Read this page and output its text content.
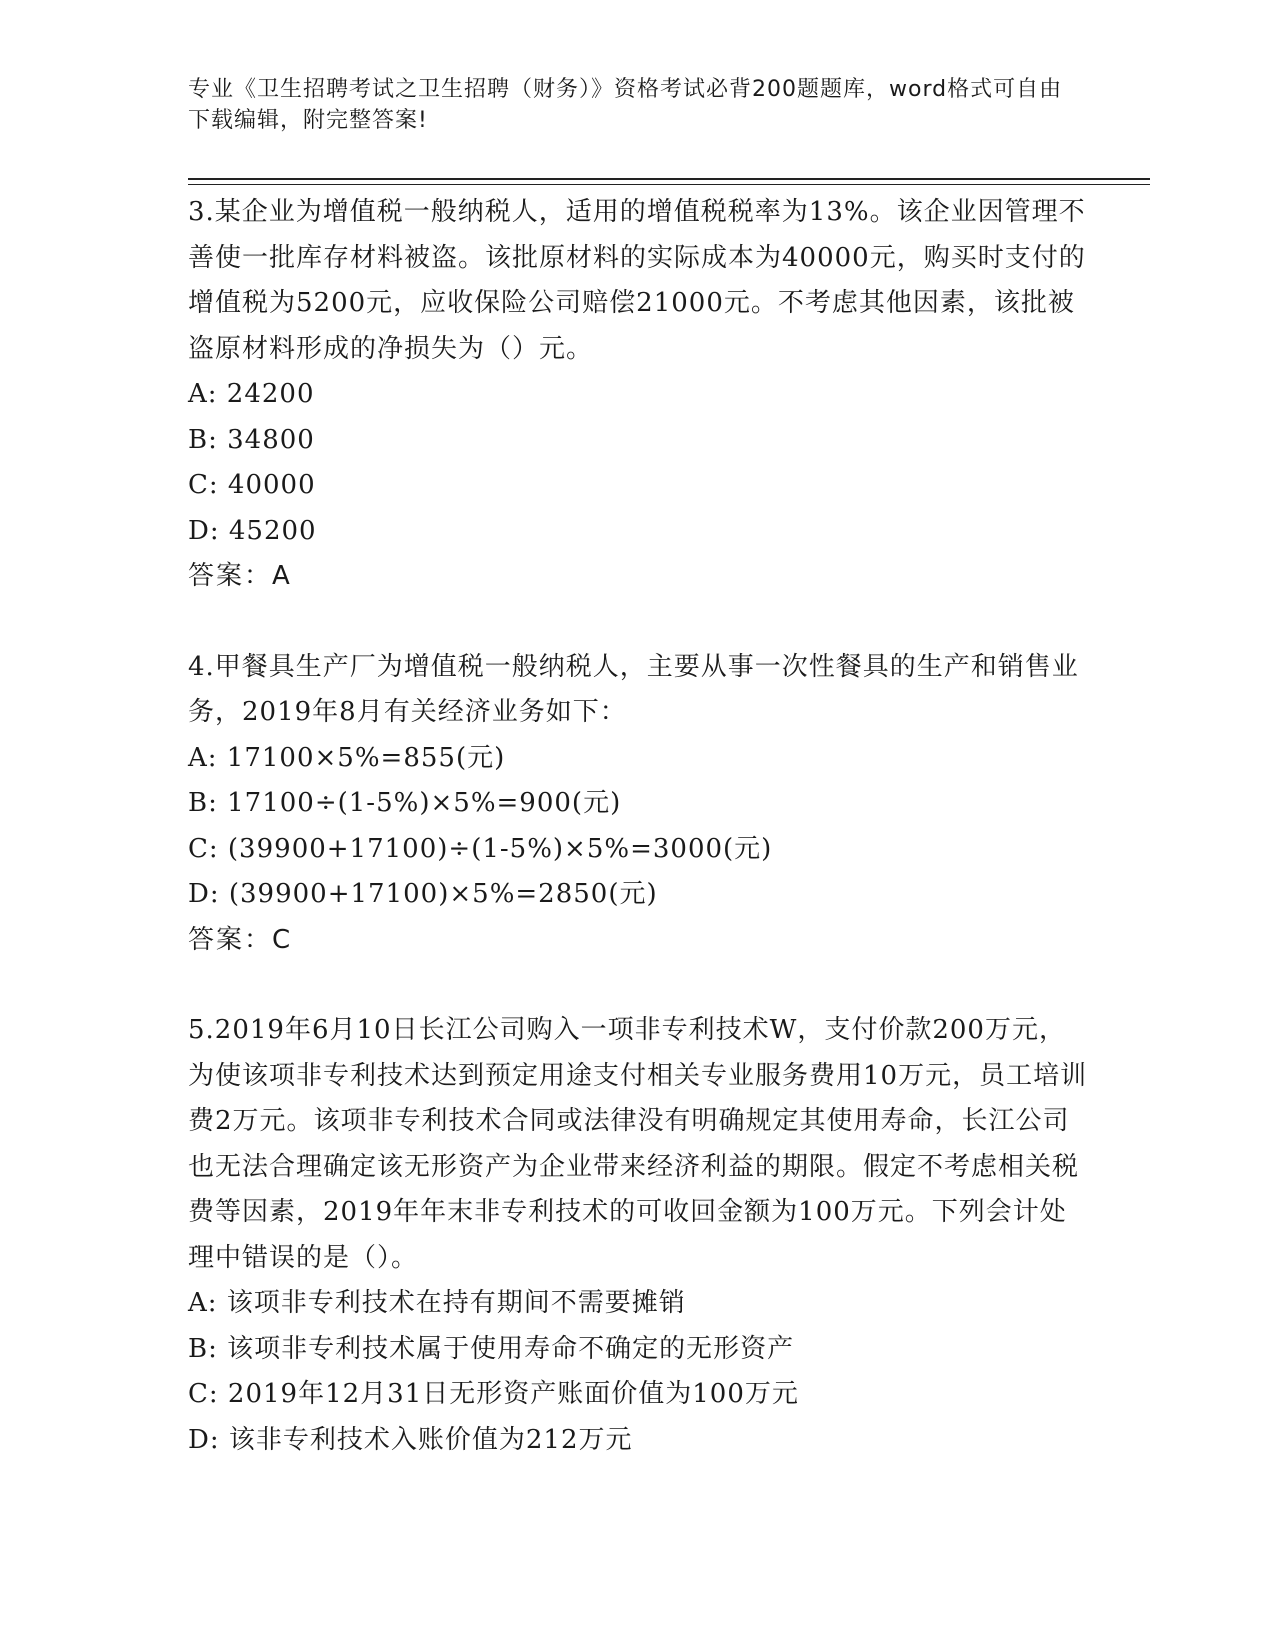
专业《卫生招聘考试之卫生招聘（财务）》资格考试必背200题题库，word格式可自由下载编辑，附完整答案!

3.某企业为增值税一般纳税人，适用的增值税税率为13%。该企业因管理不善使一批库存材料被盗。该批原材料的实际成本为40000元，购买时支付的增值税为5200元，应收保险公司赔偿21000元。不考虑其他因素，该批被盗原材料形成的净损失为（）元。

A: 24200

B: 34800

C: 40000

D: 45200

答案：A

4.甲餐具生产厂为增值税一般纳税人，主要从事一次性餐具的生产和销售业务，2019年8月有关经济业务如下：

A: 17100×5%=855(元)

B: 17100÷(1-5%)×5%=900(元)

C: (39900+17100)÷(1-5%)×5%=3000(元)

D: (39900+17100)×5%=2850(元)

答案：C

5.2019年6月10日长江公司购入一项非专利技术W，支付价款200万元，为使该项非专利技术达到预定用途支付相关专业服务费用10万元，员工培训费2万元。该项非专利技术合同或法律没有明确规定其使用寿命，长江公司也无法合理确定该无形资产为企业带来经济利益的期限。假定不考虑相关税费等因素，2019年年末非专利技术的可收回金额为100万元。下列会计处理中错误的是（）。

A: 该项非专利技术在持有期间不需要摊销

B: 该项非专利技术属于使用寿命不确定的无形资产

C: 2019年12月31日无形资产账面价值为100万元

D: 该非专利技术入账价值为212万元
